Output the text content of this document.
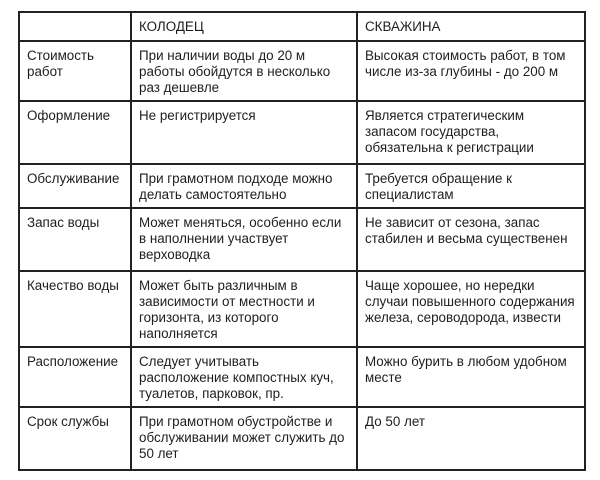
	КОЛОДЕЦ	СКВАЖИНА
Стоимость работ	При наличии воды до 20 м работы обойдутся в несколько раз дешевле	Высокая стоимость работ, в том числе из-за глубины - до 200 м
Оформление	Не регистрируется	Является стратегическим запасом государства, обязательна к регистрации
Обслуживание	При грамотном подходе можно делать самостоятельно	Требуется обращение к специалистам
Запас воды	Может меняться, особенно если в наполнении участвует верховодка	Не зависит от сезона, запас стабилен и весьма существенен
Качество воды	Может быть различным в зависимости от местности и горизонта, из которого наполняется	Чаще хорошее, но нередки случаи повышенного содержания железа, сероводорода, извести
Расположение	Следует учитывать расположение компостных куч, туалетов, парковок, пр.	Можно бурить в любом удобном месте
Срок службы	При грамотном обустройстве и обслуживании может служить до 50 лет	До 50 лет
